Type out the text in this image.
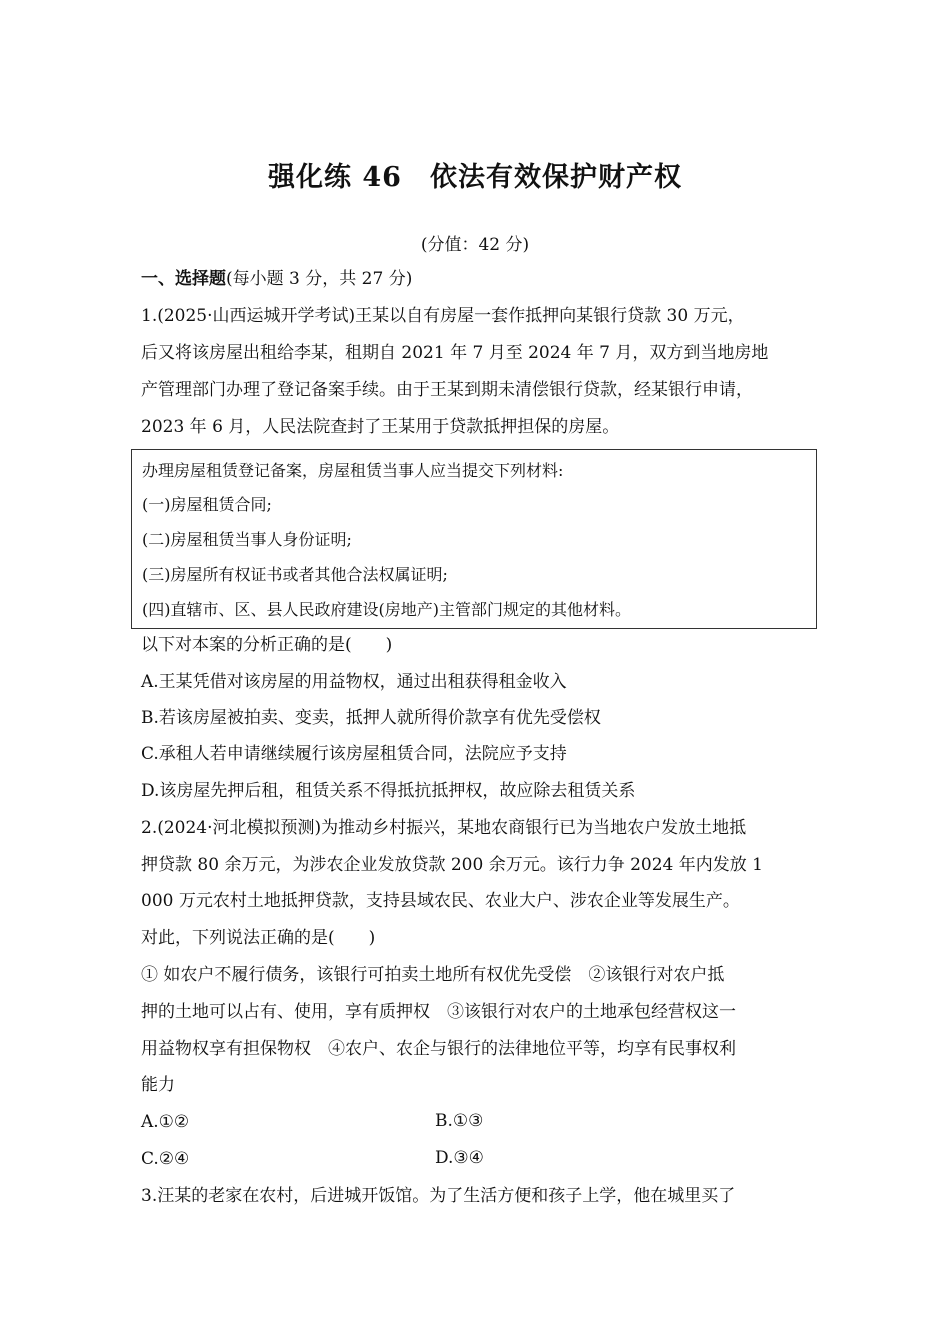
强化练 46　依法有效保护财产权
(分值：42 分)
一、选择题(每小题 3 分，共 27 分)
1.(2025·山西运城开学考试)王某以自有房屋一套作抵押向某银行贷款 30 万元，
后又将该房屋出租给李某，租期自 2021 年 7 月至 2024 年 7 月，双方到当地房地
产管理部门办理了登记备案手续。由于王某到期未清偿银行贷款，经某银行申请，
2023 年 6 月，人民法院查封了王某用于贷款抵押担保的房屋。
办理房屋租赁登记备案，房屋租赁当事人应当提交下列材料:
(一)房屋租赁合同;
(二)房屋租赁当事人身份证明;
(三)房屋所有权证书或者其他合法权属证明;
(四)直辖市、区、县人民政府建设(房地产)主管部门规定的其他材料。
以下对本案的分析正确的是(　　)
A.王某凭借对该房屋的用益物权，通过出租获得租金收入
B.若该房屋被拍卖、变卖，抵押人就所得价款享有优先受偿权
C.承租人若申请继续履行该房屋租赁合同，法院应予支持
D.该房屋先押后租，租赁关系不得抵抗抵押权，故应除去租赁关系
2.(2024·河北模拟预测)为推动乡村振兴，某地农商银行已为当地农户发放土地抵
押贷款 80 余万元，为涉农企业发放贷款 200 余万元。该行力争 2024 年内发放 1
000 万元农村土地抵押贷款，支持县域农民、农业大户、涉农企业等发展生产。
对此，下列说法正确的是(　　)
① 如农户不履行债务，该银行可拍卖土地所有权优先受偿　②该银行对农户抵
押的土地可以占有、使用，享有质押权　③该银行对农户的土地承包经营权这一
用益物权享有担保物权　④农户、农企与银行的法律地位平等，均享有民事权利
能力
A.①②	B.①③
C.②④	D.③④
3.汪某的老家在农村，后进城开饭馆。为了生活方便和孩子上学，他在城里买了
